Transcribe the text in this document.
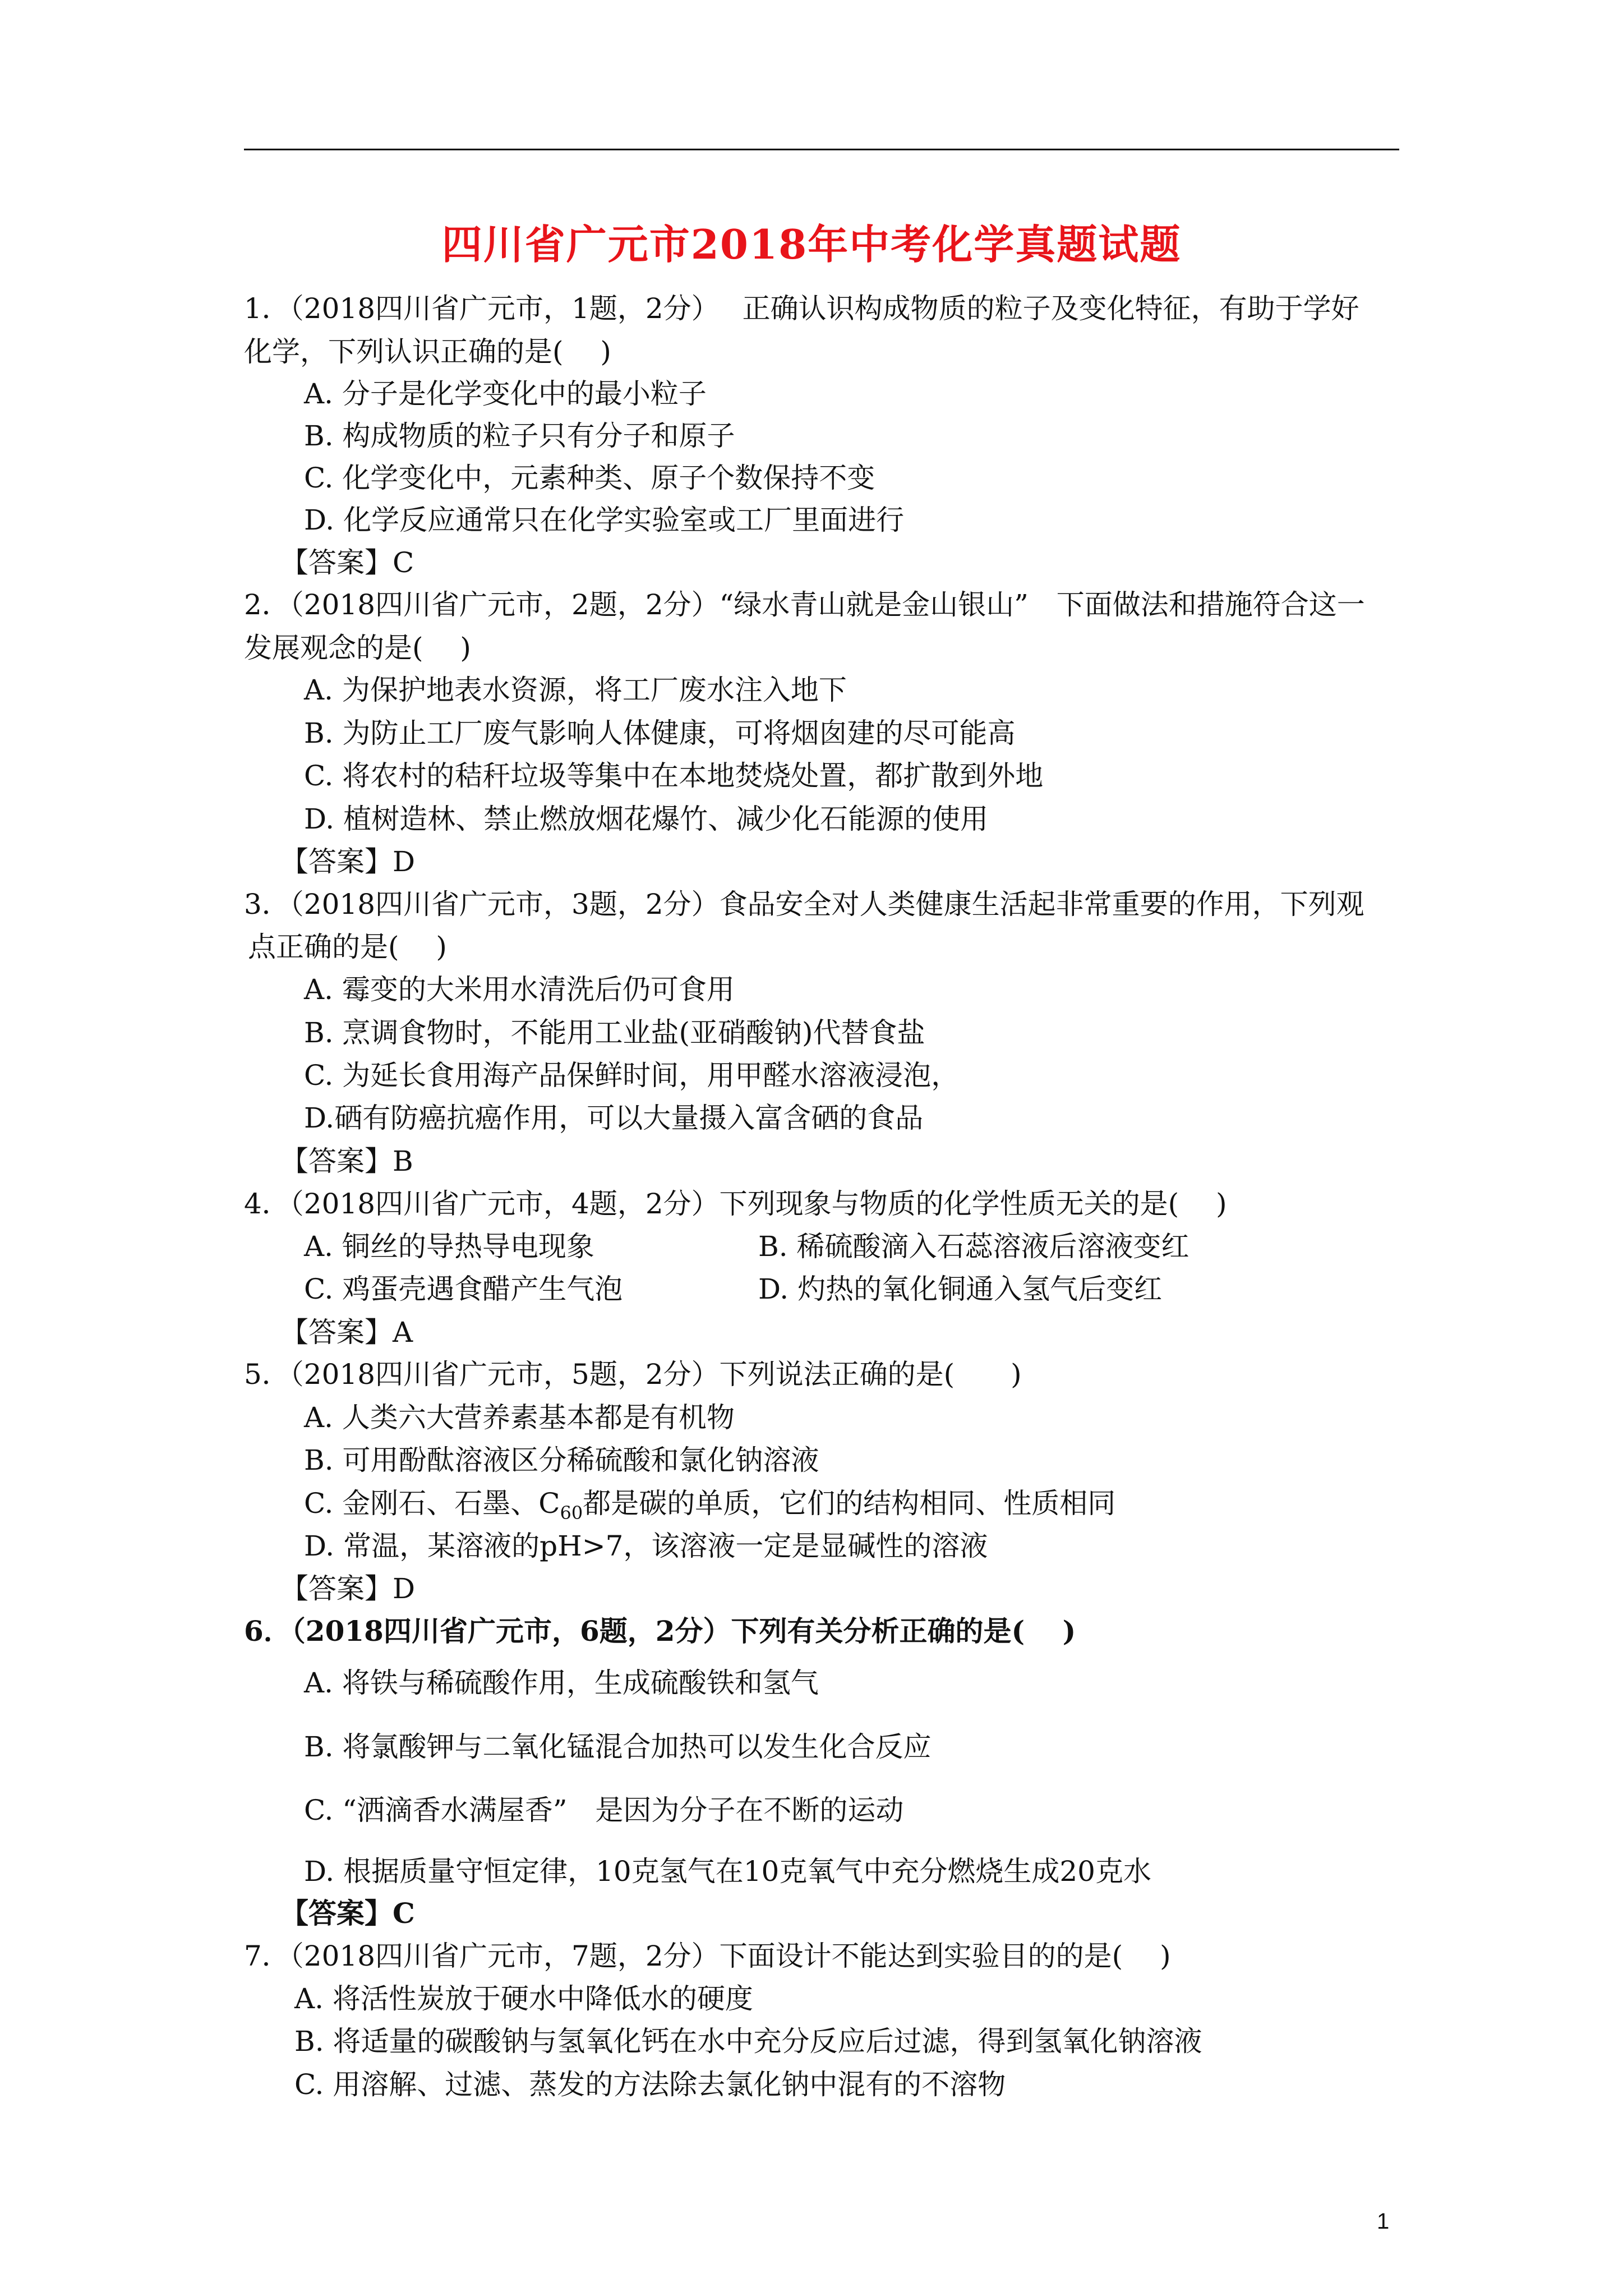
四川省广元市2018年中考化学真题试题
1．（2018四川省广元市，1题，2分）　 正确认识构成物质的粒子及变化特征，有助于学好
化学，下列认识正确的是(　 )
A. 分子是化学变化中的最小粒子
B. 构成物质的粒子只有分子和原子
C. 化学变化中，元素种类、原子个数保持不变
D. 化学反应通常只在化学实验室或工厂里面进行
【答案】C
2．（2018四川省广元市，2题，2分）“绿水青山就是金山银山”　下面做法和措施符合这一
发展观念的是(　 )
A. 为保护地表水资源，将工厂废水注入地下
B. 为防止工厂废气影响人体健康，可将烟囱建的尽可能高
C. 将农村的秸秆垃圾等集中在本地焚烧处置，都扩散到外地
D. 植树造林、禁止燃放烟花爆竹、减少化石能源的使用
【答案】D
3．（2018四川省广元市，3题，2分）食品安全对人类健康生活起非常重要的作用，下列观
点正确的是(　 )
A. 霉变的大米用水清洗后仍可食用
B. 烹调食物时，不能用工业盐(亚硝酸钠)代替食盐
C. 为延长食用海产品保鲜时间，用甲醛水溶液浸泡，
D.硒有防癌抗癌作用，可以大量摄入富含硒的食品
【答案】B
4．（2018四川省广元市，4题，2分）下列现象与物质的化学性质无关的是(　 )
A. 铜丝的导热导电现象	B. 稀硫酸滴入石蕊溶液后溶液变红
C. 鸡蛋壳遇食醋产生气泡	D. 灼热的氧化铜通入氢气后变红
【答案】A
5．（2018四川省广元市，5题，2分）下列说法正确的是(　　)
A. 人类六大营养素基本都是有机物
B. 可用酚酞溶液区分稀硫酸和氯化钠溶液
C. 金刚石、石墨、$C_{60}$都是碳的单质，它们的结构相同、性质相同
D. 常温，某溶液的pH>7，该溶液一定是显碱性的溶液
【答案】D
6．（2018四川省广元市，6题，2分）下列有关分析正确的是(　 )
A. 将铁与稀硫酸作用，生成硫酸铁和氢气
B. 将氯酸钾与二氧化锰混合加热可以发生化合反应
C. “洒滴香水满屋香”　是因为分子在不断的运动
D. 根据质量守恒定律，10克氢气在10克氧气中充分燃烧生成20克水
【答案】C
7．（2018四川省广元市，7题，2分）下面设计不能达到实验目的的是(　 )
A. 将活性炭放于硬水中降低水的硬度
B. 将适量的碳酸钠与氢氧化钙在水中充分反应后过滤，得到氢氧化钠溶液
C. 用溶解、过滤、蒸发的方法除去氯化钠中混有的不溶物
1
